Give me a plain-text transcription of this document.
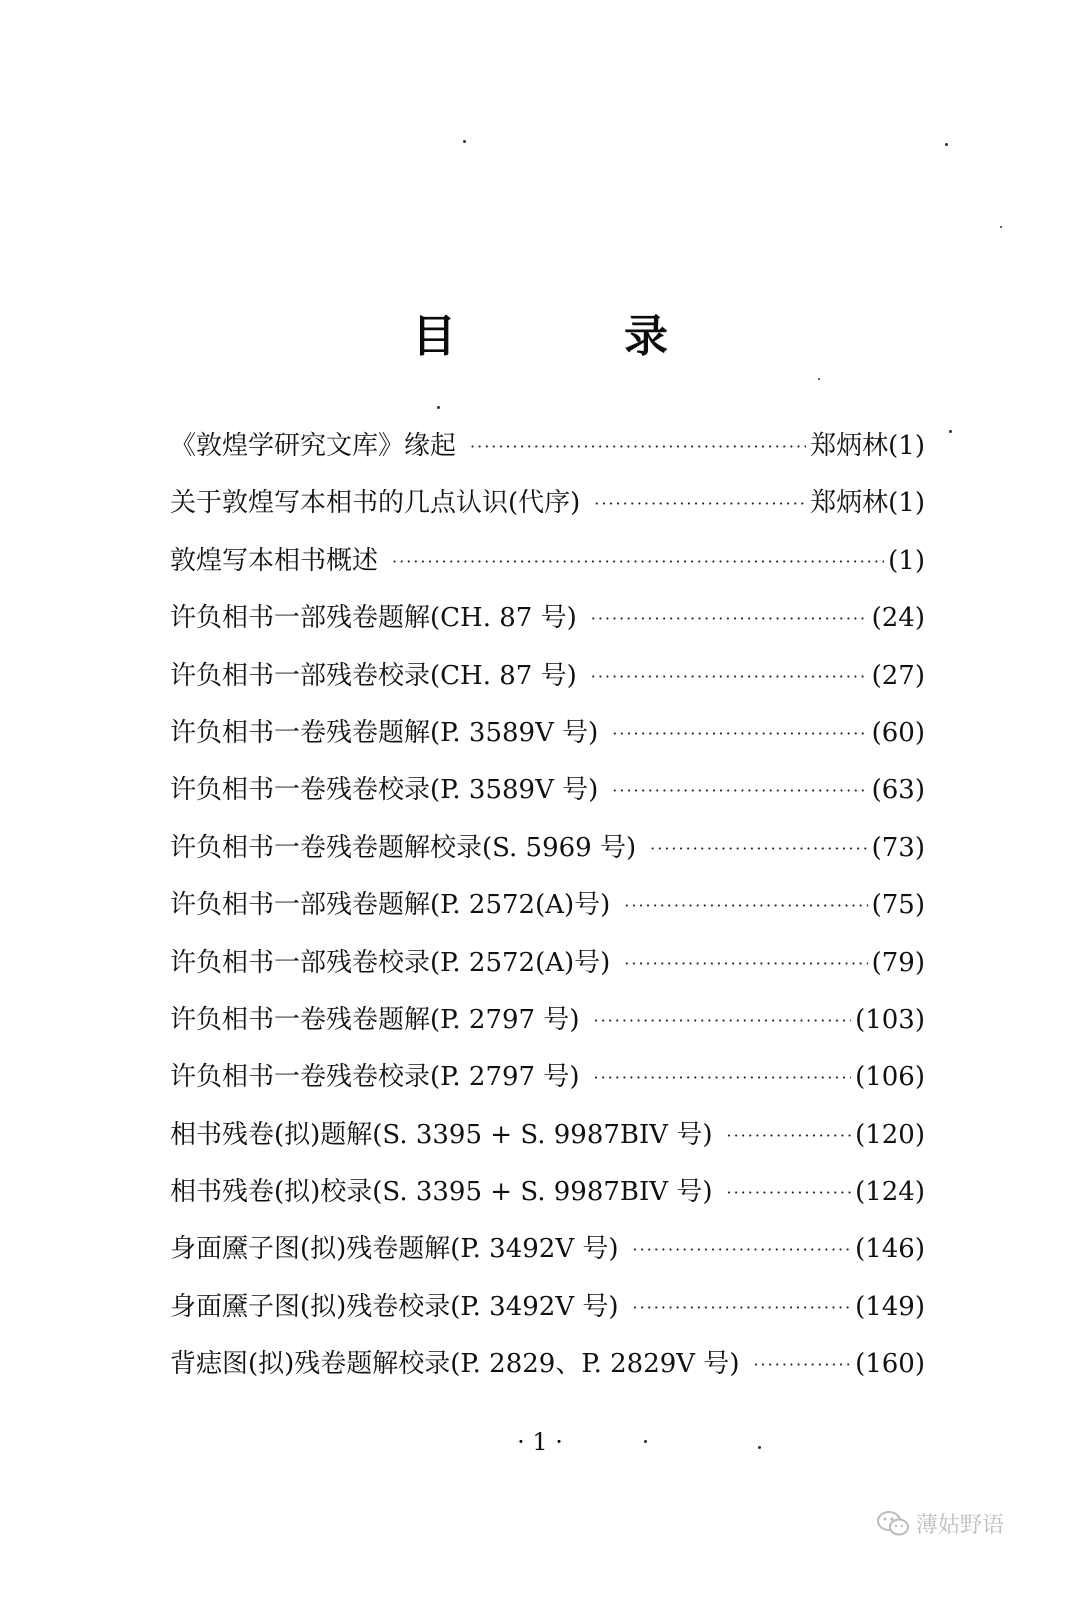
目　录
《敦煌学研究文库》缘起 ·····	郑炳林 (1)
关于敦煌写本相书的几点认识(代序) ·····	郑炳林 (1)
敦煌写本相书概述 ·····	(1)
许负相书一部残卷题解(CH. 87 号) ·····	(24)
许负相书一部残卷校录(CH. 87 号) ·····	(27)
许负相书一卷残卷题解(P. 3589V 号) ·····	(60)
许负相书一卷残卷校录(P. 3589V 号) ·····	(63)
许负相书一卷残卷题解校录(S. 5969 号) ·····	(73)
许负相书一部残卷题解(P. 2572(A)号) ·····	(75)
许负相书一部残卷校录(P. 2572(A)号) ·····	(79)
许负相书一卷残卷题解(P. 2797 号) ·····	(103)
许负相书一卷残卷校录(P. 2797 号) ·····	(106)
相书残卷(拟)题解(S. 3395 + S. 9987BIV 号) ·····	(120)
相书残卷(拟)校录(S. 3395 + S. 9987BIV 号) ·····	(124)
身面黡子图(拟)残卷题解(P. 3492V 号) ·····	(146)
身面黡子图(拟)残卷校录(P. 3492V 号) ·····	(149)
背痣图(拟)残卷题解校录(P. 2829、P. 2829V 号) ·····	(160)
· 1 ·
薄姑野语
